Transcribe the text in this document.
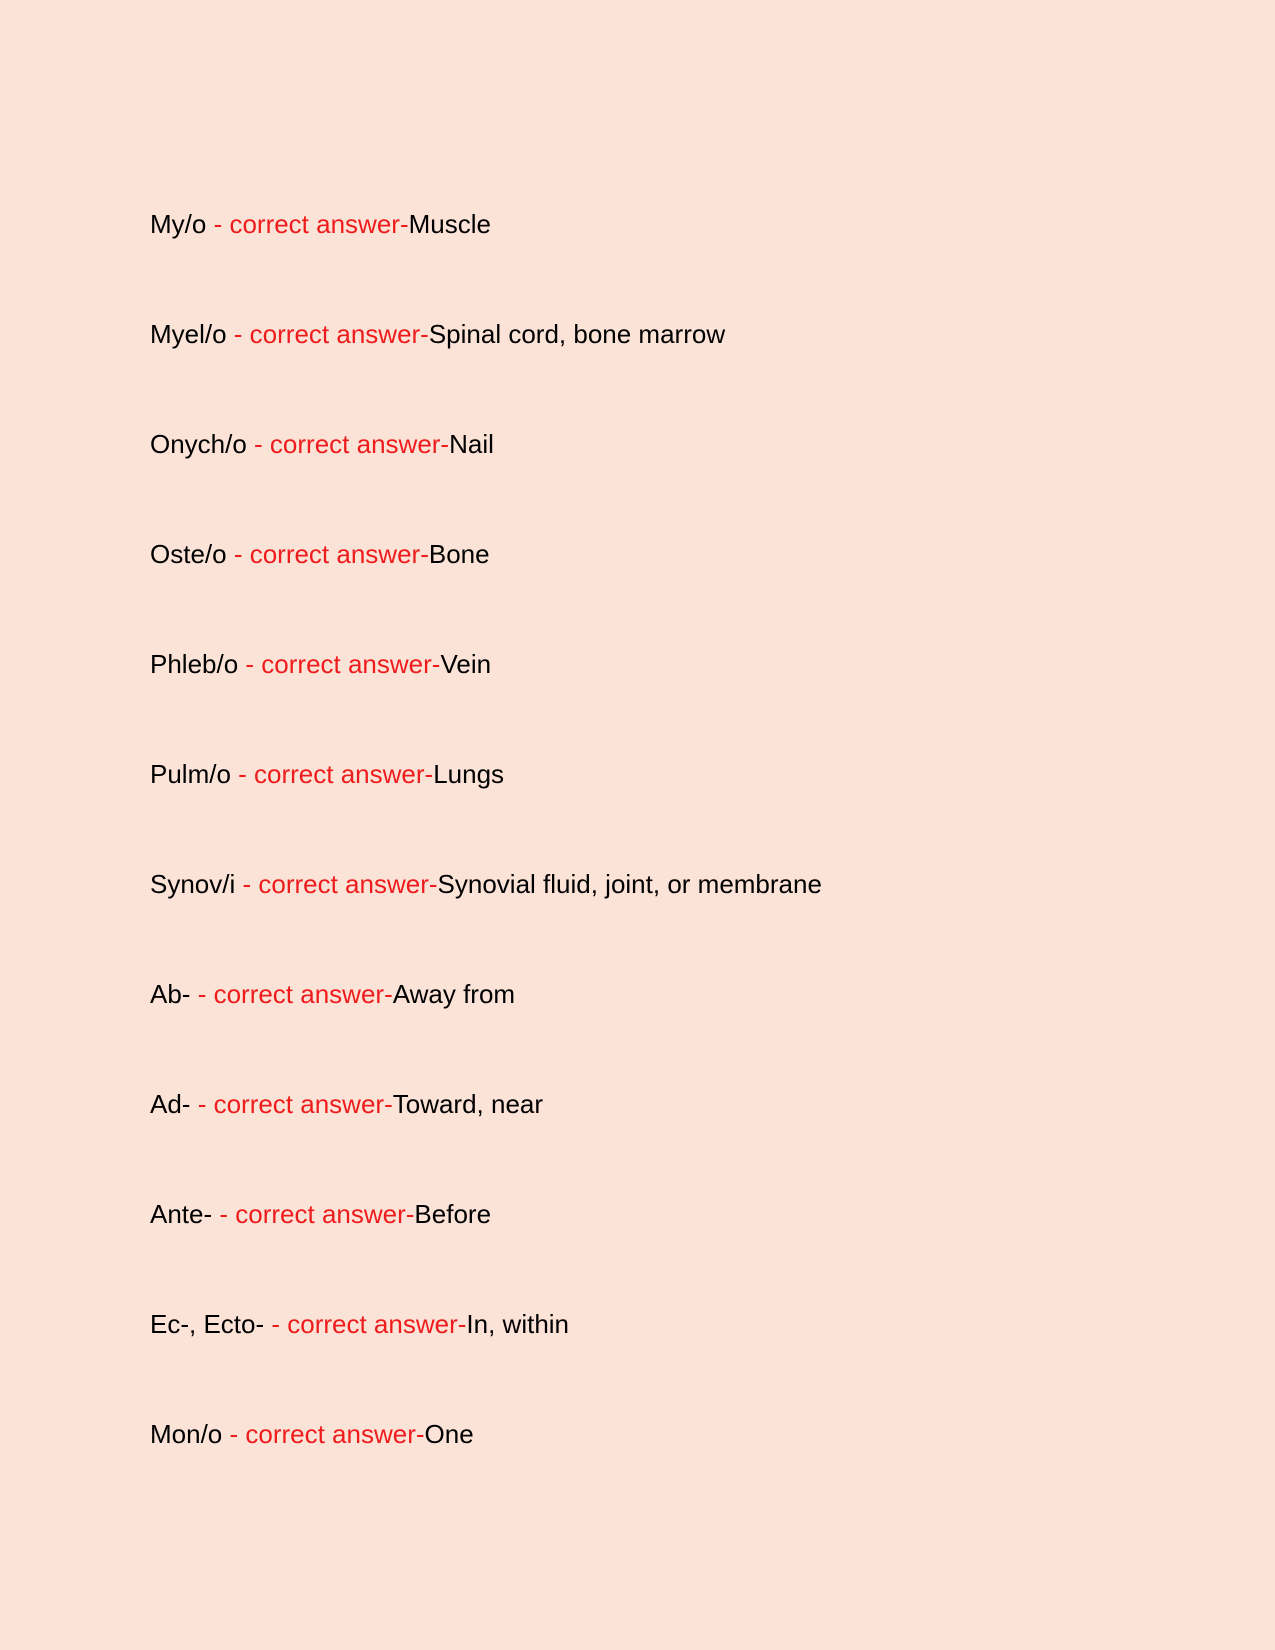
My/o - correct answer-Muscle
Myel/o - correct answer-Spinal cord, bone marrow
Onych/o - correct answer-Nail
Oste/o - correct answer-Bone
Phleb/o - correct answer-Vein
Pulm/o - correct answer-Lungs
Synov/i - correct answer-Synovial fluid, joint, or membrane
Ab- - correct answer-Away from
Ad- - correct answer-Toward, near
Ante- - correct answer-Before
Ec-, Ecto- - correct answer-In, within
Mon/o - correct answer-One
